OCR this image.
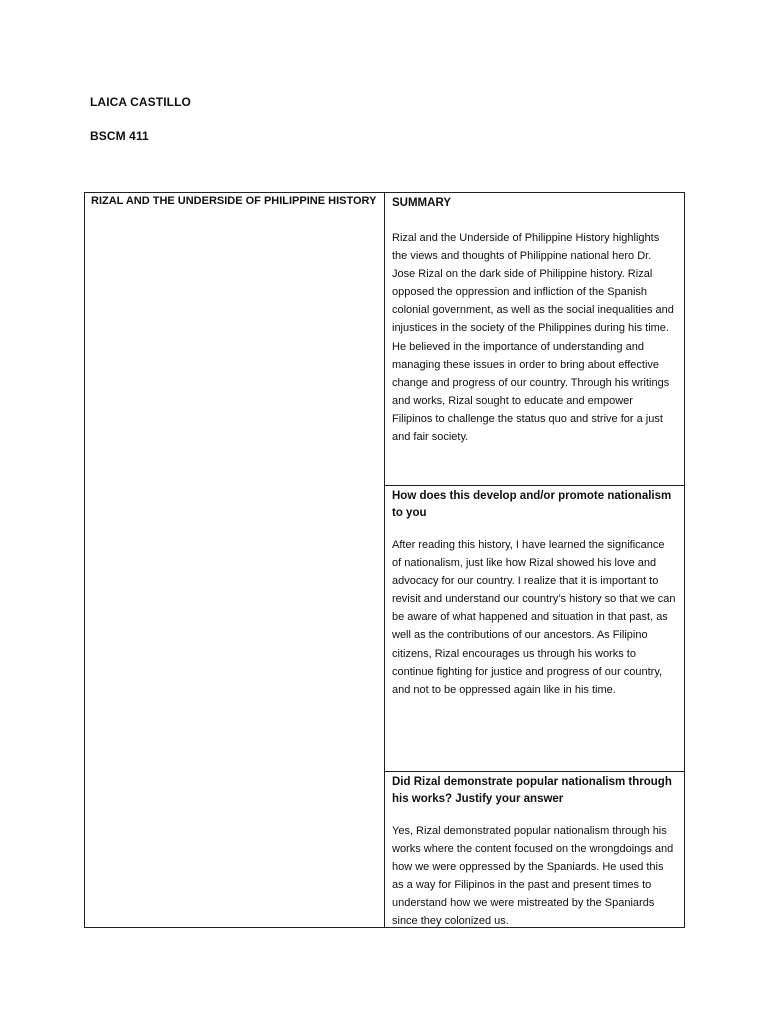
LAICA CASTILLO
BSCM 411
RIZAL AND THE UNDERSIDE OF PHILIPPINE HISTORY SUMMARY

Rizal and the Underside of Philippine History highlights the views and thoughts of Philippine national hero Dr. Jose Rizal on the dark side of Philippine history. Rizal opposed the oppression and infliction of the Spanish colonial government, as well as the social inequalities and injustices in the society of the Philippines during his time. He believed in the importance of understanding and managing these issues in order to bring about effective change and progress of our country. Through his writings and works, Rizal sought to educate and empower Filipinos to challenge the status quo and strive for a just and fair society.

How does this develop and/or promote nationalism to you

After reading this history, I have learned the significance of nationalism, just like how Rizal showed his love and advocacy for our country. I realize that it is important to revisit and understand our country’s history so that we can be aware of what happened and situation in that past, as well as the contributions of our ancestors. As Filipino citizens, Rizal encourages us through his works to continue fighting for justice and progress of our country, and not to be oppressed again like in his time.

Did Rizal demonstrate popular nationalism through his works? Justify your answer

Yes, Rizal demonstrated popular nationalism through his works where the content focused on the wrongdoings and how we were oppressed by the Spaniards. He used this as a way for Filipinos in the past and present times to understand how we were mistreated by the Spaniards since they colonized us.
